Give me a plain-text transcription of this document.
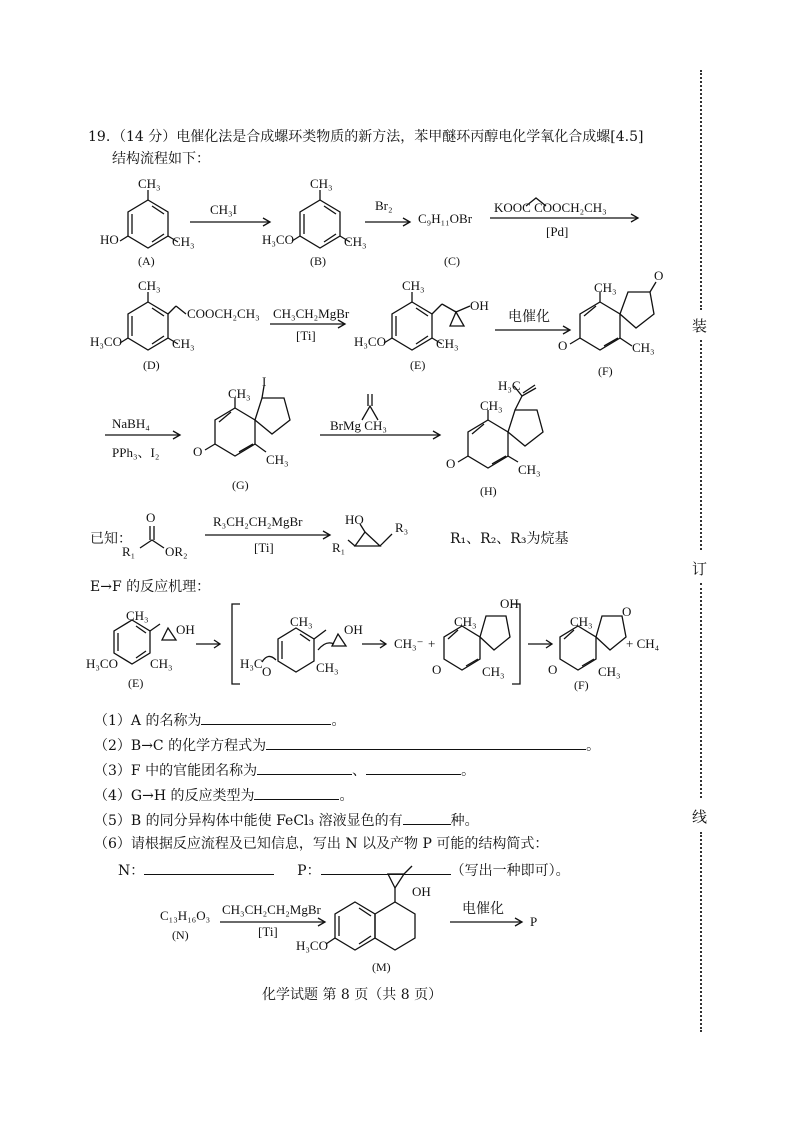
装
订
线
19. （14 分）电催化法是合成螺环类物质的新方法，苯甲醚环丙醇电化学氧化合成螺[4.5]
结构流程如下：
CH₃
HO	CH₃
(A)
CH₃I
CH₃
H₃CO	CH₃
(B)
Br₂
C₉H₁₁OBr
(C)
KOOC COOCH₂CH₃
[Pd]
CH₃
COOCH₂CH₃
H₃CO	CH₃
(D)
CH₃CH₂MgBr
[Ti]
CH₃
OH
H₃CO	CH₃
(E)
电催化
CH₃
O
O	CH₃
(F)
NaBH₄
PPh₃、I₂
CH₃
I
O
CH₃
(G)
BrMg CH₃
H₃C
CH₃
O	CH₃
(H)
已知：
R₁ OR₂
O	R₃CH₂CH₂MgBr
[Ti]
HO
R₃
R₁
R₁、R₂、R₃为烷基
E→F 的反应机理：
CH₃
OH
H₃CO CH₃
(E)
CH₃
OH
H₃C
O	CH₃
CH₃⁻ +
OH
CH₃
O	CH₃
CH₃
O
O	CH₃
+ CH₄
(F)
（1）A 的名称为	。
（2）B→C 的化学方程式为	。
（3）F 中的官能团名称为	、	。
（4）G→H 的反应类型为	。
（5）B 的同分异构体中能使 FeCl₃ 溶液显色的有	种。
（6）请根据反应流程及已知信息，写出 N 以及产物 P 可能的结构简式：
N：	P：	（写出一种即可）。
C₁₃H₁₆O₃
(N)
CH₃CH₂CH₂MgBr
[Ti]
OH
H₃CO
(M)
电催化
P
化学试题 第 8 页（共 8 页）
